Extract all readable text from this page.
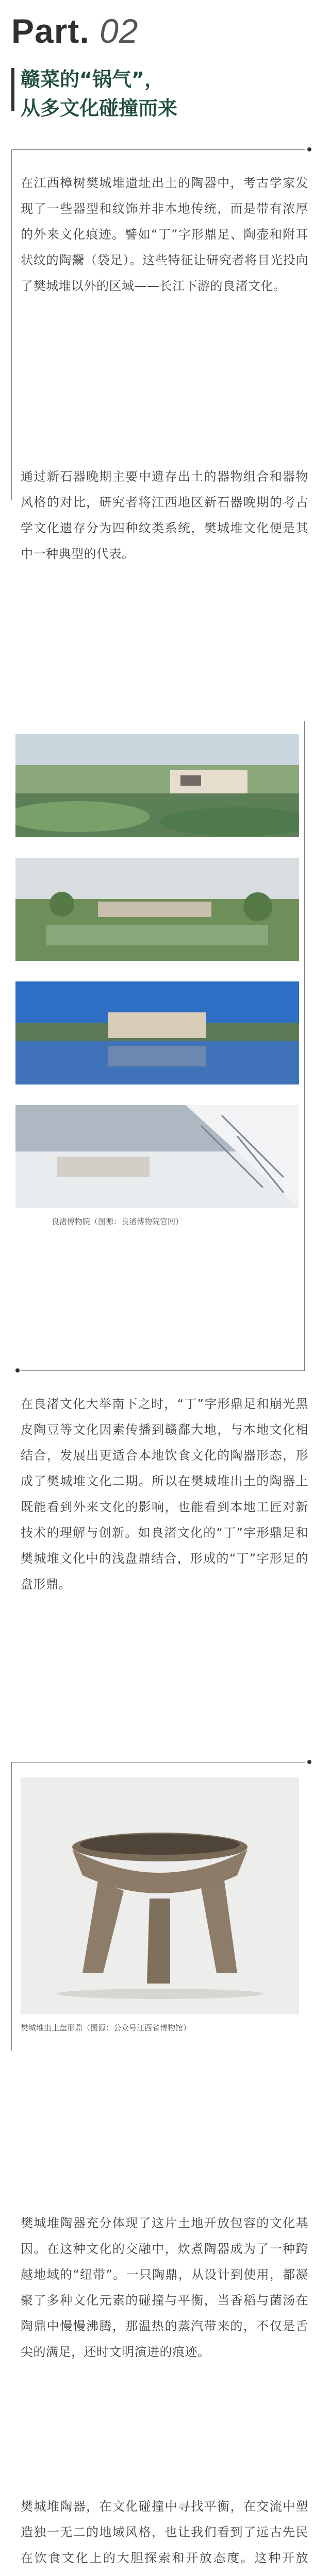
Part. 02
赣菜的“锅气”，
从多文化碰撞而来
在江西樟树樊城堆遗址出土的陶器中，考古学家发现了一些器型和纹饰并非本地传统，而是带有浓厚的外来文化痕迹。譬如“丁”字形鼎足、陶壶和附耳状纹的陶鬶（袋足）。这些特征让研究者将目光投向了樊城堆以外的区域——长江下游的良渚文化。
通过新石器晚期主要中遗存出土的器物组合和器物风格的对比，研究者将江西地区新石器晚期的考古学文化遗存分为四种纹类系统，樊城堆文化便是其中一种典型的代表。
良渚博物院（图源：良渚博物院官网）
在良渚文化大举南下之时，“丁”字形鼎足和崩光黑皮陶豆等文化因素传播到赣鄱大地，与本地文化相结合，发展出更适合本地饮食文化的陶器形态，形成了樊城堆文化二期。所以在樊城堆出土的陶器上既能看到外来文化的影响，也能看到本地工匠对新技术的理解与创新。如良渚文化的“丁”字形鼎足和樊城堆文化中的浅盘鼎结合，形成的“丁”字形足的盘形鼎。
樊城堆出土盘形鼎（图源：公众号江西省博物馆）
樊城堆陶器充分体现了这片土地开放包容的文化基因。在这种文化的交融中，炊煮陶器成为了一种跨越地域的“纽带”。一只陶鼎，从设计到使用，都凝聚了多种文化元素的碰撞与平衡，当香稻与菌汤在陶鼎中慢慢沸腾，那温热的蒸汽带来的，不仅是舌尖的满足，还时文明演进的痕迹。
樊城堆陶器，在文化碰撞中寻找平衡，在交流中塑造独一无二的地域风格，也让我们看到了远古先民在饮食文化上的大胆探索和开放态度。这种开放
